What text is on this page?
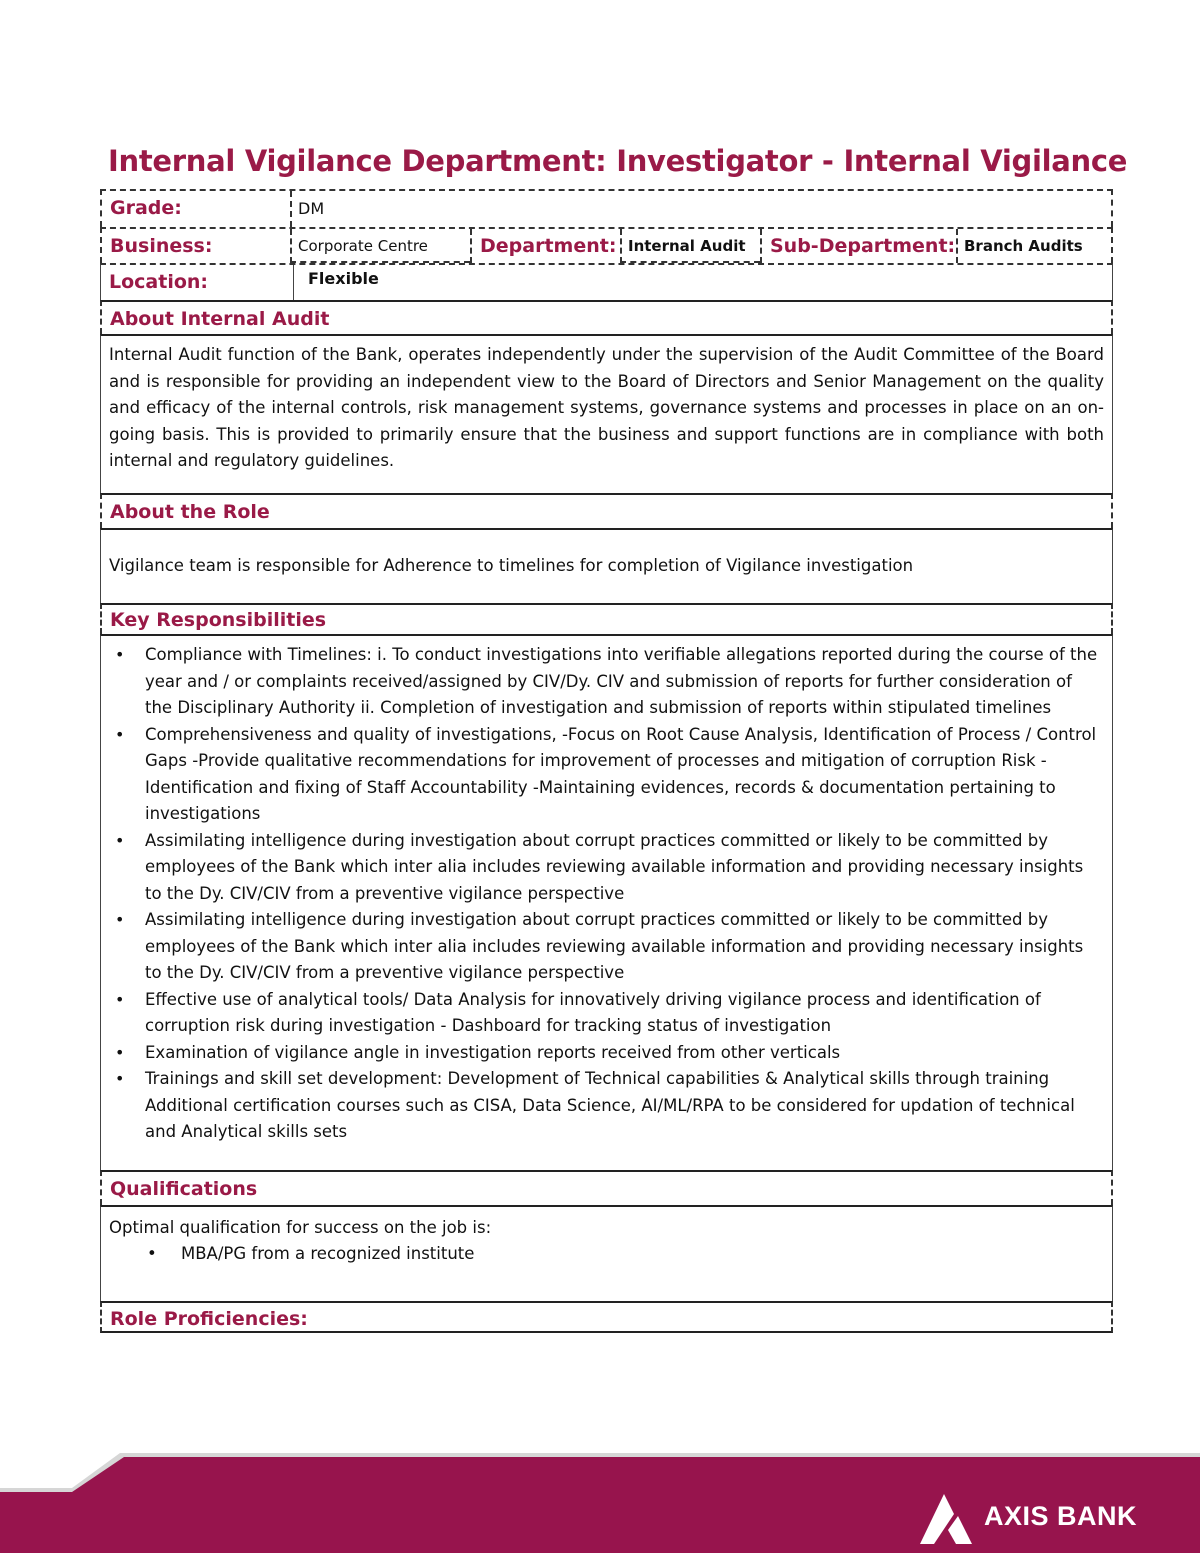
Internal Vigilance Department: Investigator - Internal Vigilance
Grade:	DM
Business:	Corporate Centre	Department: Internal Audit	Sub-Department: Branch Audits
Location:	Flexible
About Internal Audit
Internal Audit function of the Bank, operates independently under the supervision of the Audit Committee of the Board and is responsible for providing an independent view to the Board of Directors and Senior Management on the quality and efficacy of the internal controls, risk management systems, governance systems and processes in place on an on-going basis. This is provided to primarily ensure that the business and support functions are in compliance with both internal and regulatory guidelines.
About the Role
Vigilance team is responsible for Adherence to timelines for completion of Vigilance investigation
Key Responsibilities
• Compliance with Timelines: i. To conduct investigations into verifiable allegations reported during the course of the year and / or complaints received/assigned by CIV/Dy. CIV and submission of reports for further consideration of the Disciplinary Authority ii. Completion of investigation and submission of reports within stipulated timelines
• Comprehensiveness and quality of investigations, -Focus on Root Cause Analysis, Identification of Process / Control Gaps -Provide qualitative recommendations for improvement of processes and mitigation of corruption Risk -Identification and fixing of Staff Accountability -Maintaining evidences, records & documentation pertaining to investigations
• Assimilating intelligence during investigation about corrupt practices committed or likely to be committed by employees of the Bank which inter alia includes reviewing available information and providing necessary insights to the Dy. CIV/CIV from a preventive vigilance perspective
• Assimilating intelligence during investigation about corrupt practices committed or likely to be committed by employees of the Bank which inter alia includes reviewing available information and providing necessary insights to the Dy. CIV/CIV from a preventive vigilance perspective
• Effective use of analytical tools/ Data Analysis for innovatively driving vigilance process and identification of corruption risk during investigation - Dashboard for tracking status of investigation
• Examination of vigilance angle in investigation reports received from other verticals
• Trainings and skill set development: Development of Technical capabilities & Analytical skills through training Additional certification courses such as CISA, Data Science, AI/ML/RPA to be considered for updation of technical and Analytical skills sets
Qualifications
Optimal qualification for success on the job is:
• MBA/PG from a recognized institute
Role Proficiencies:
AXIS BANK
